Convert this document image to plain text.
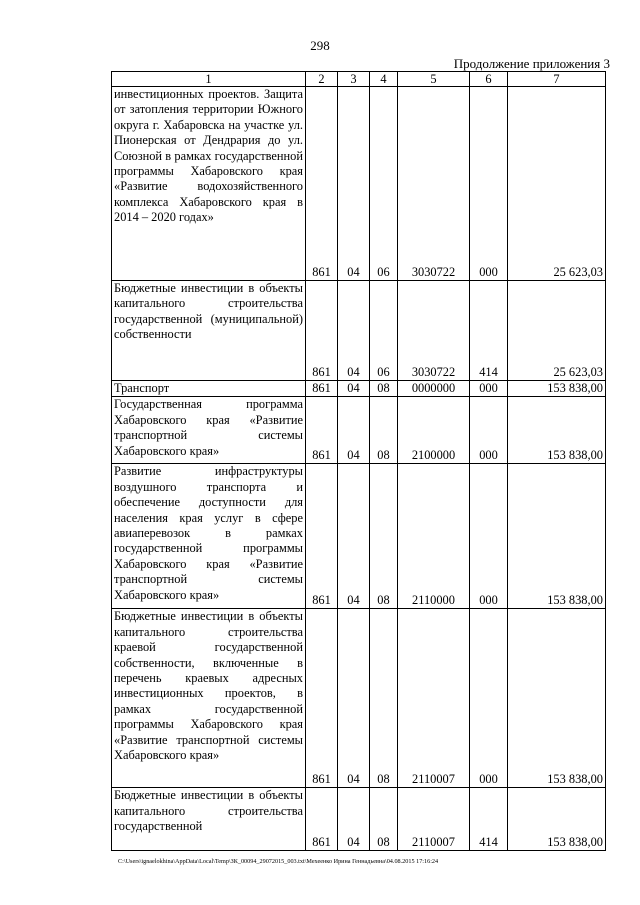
298
Продолжение приложения 3
1	2	3	4	5	6	7
инвестиционных проектов. Защита от затопления территории Южного округа г. Хабаровска на участке ул. Пионерская от Дендрария до ул. Союзной в рамках государственной программы Хабаровского края «Развитие водохозяйственного комплекса Хабаровского края в 2014 – 2020 годах»	861	04	06	3030722	000	25 623,03
Бюджетные инвестиции в объекты капитального строительства государственной (муниципальной) собственности	861	04	06	3030722	414	25 623,03
Транспорт	861	04	08	0000000	000	153 838,00
Государственная программа Хабаровского края «Развитие транспортной системы Хабаровского края»	861	04	08	2100000	000	153 838,00
Развитие инфраструктуры воздушного транспорта и обеспечение доступности для населения края услуг в сфере авиаперевозок в рамках государственной программы Хабаровского края «Развитие транспортной системы Хабаровского края»	861	04	08	2110000	000	153 838,00
Бюджетные инвестиции в объекты капитального строительства краевой государственной собственности, включенные в перечень краевых адресных инвестиционных проектов, в рамках государственной программы Хабаровского края «Развитие транспортной системы Хабаровского края»	861	04	08	2110007	000	153 838,00
Бюджетные инвестиции в объекты капитального строительства государственной	861	04	08	2110007	414	153 838,00
C:\Users\ignaelokhina\AppData\Local\Temp\ЗК_00094_29072015_003.txt\Мехеенко Ирина Геннадьевна\04.08.2015 17:16:24
